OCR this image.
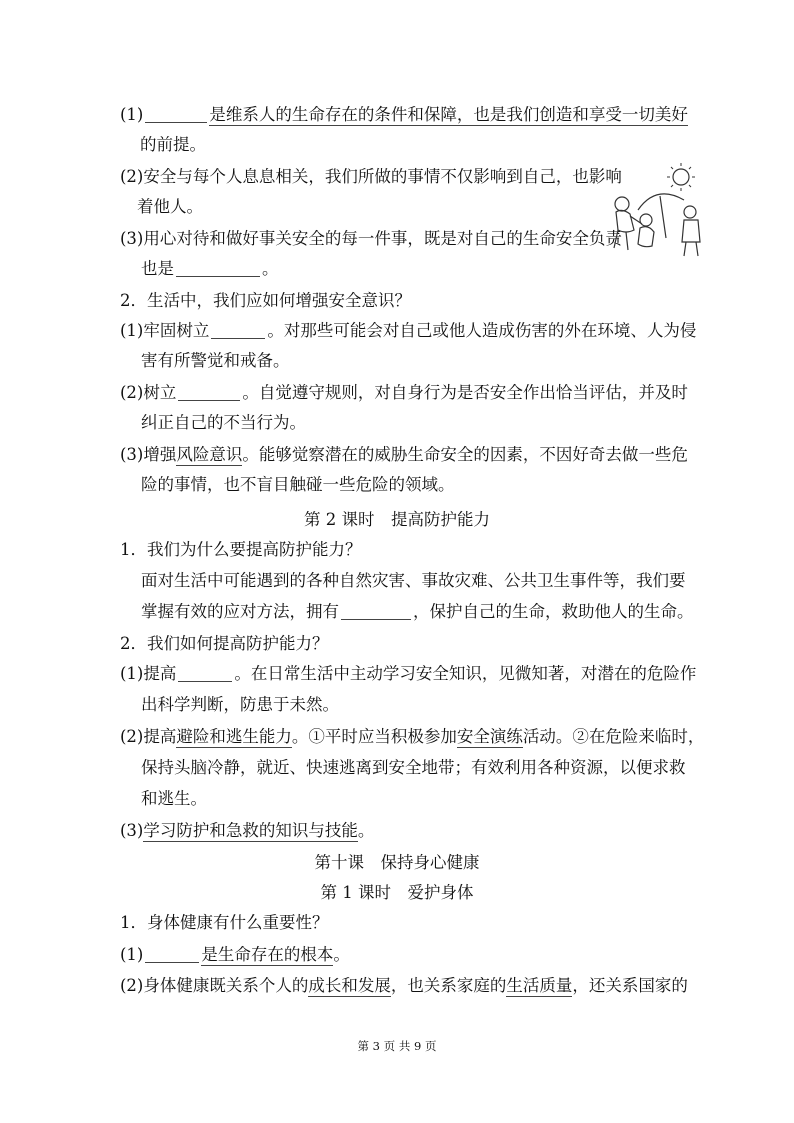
(1)	是维系人的生命存在的条件和保障，也是我们创造和享受一切美好
的前提。
(2)安全与每个人息息相关，我们所做的事情不仅影响到自己，也影响
着他人。
(3)用心对待和做好事关安全的每一件事，既是对自己的生命安全负责
也是	。
2．生活中，我们应如何增强安全意识？
(1)牢固树立	。对那些可能会对自己或他人造成伤害的外在环境、人为侵
害有所警觉和戒备。
(2)树立	。自觉遵守规则，对自身行为是否安全作出恰当评估，并及时
纠正自己的不当行为。
(3)增强风险意识。能够觉察潜在的威胁生命安全的因素，不因好奇去做一些危
险的事情，也不盲目触碰一些危险的领域。
第 2 课时　提高防护能力
1．我们为什么要提高防护能力？
面对生活中可能遇到的各种自然灾害、事故灾难、公共卫生事件等，我们要
掌握有效的应对方法，拥有	，保护自己的生命，救助他人的生命。
2．我们如何提高防护能力？
(1)提高	。在日常生活中主动学习安全知识，见微知著，对潜在的危险作
出科学判断，防患于未然。
(2)提高避险和逃生能力。①平时应当积极参加安全演练活动。②在危险来临时，
保持头脑冷静，就近、快速逃离到安全地带；有效利用各种资源，以便求救
和逃生。
(3)学习防护和急救的知识与技能。
第十课　保持身心健康
第 1 课时　爱护身体
1．身体健康有什么重要性？
(1)	是生命存在的根本。
(2)身体健康既关系个人的成长和发展，也关系家庭的生活质量，还关系国家的
第 3 页 共 9 页
